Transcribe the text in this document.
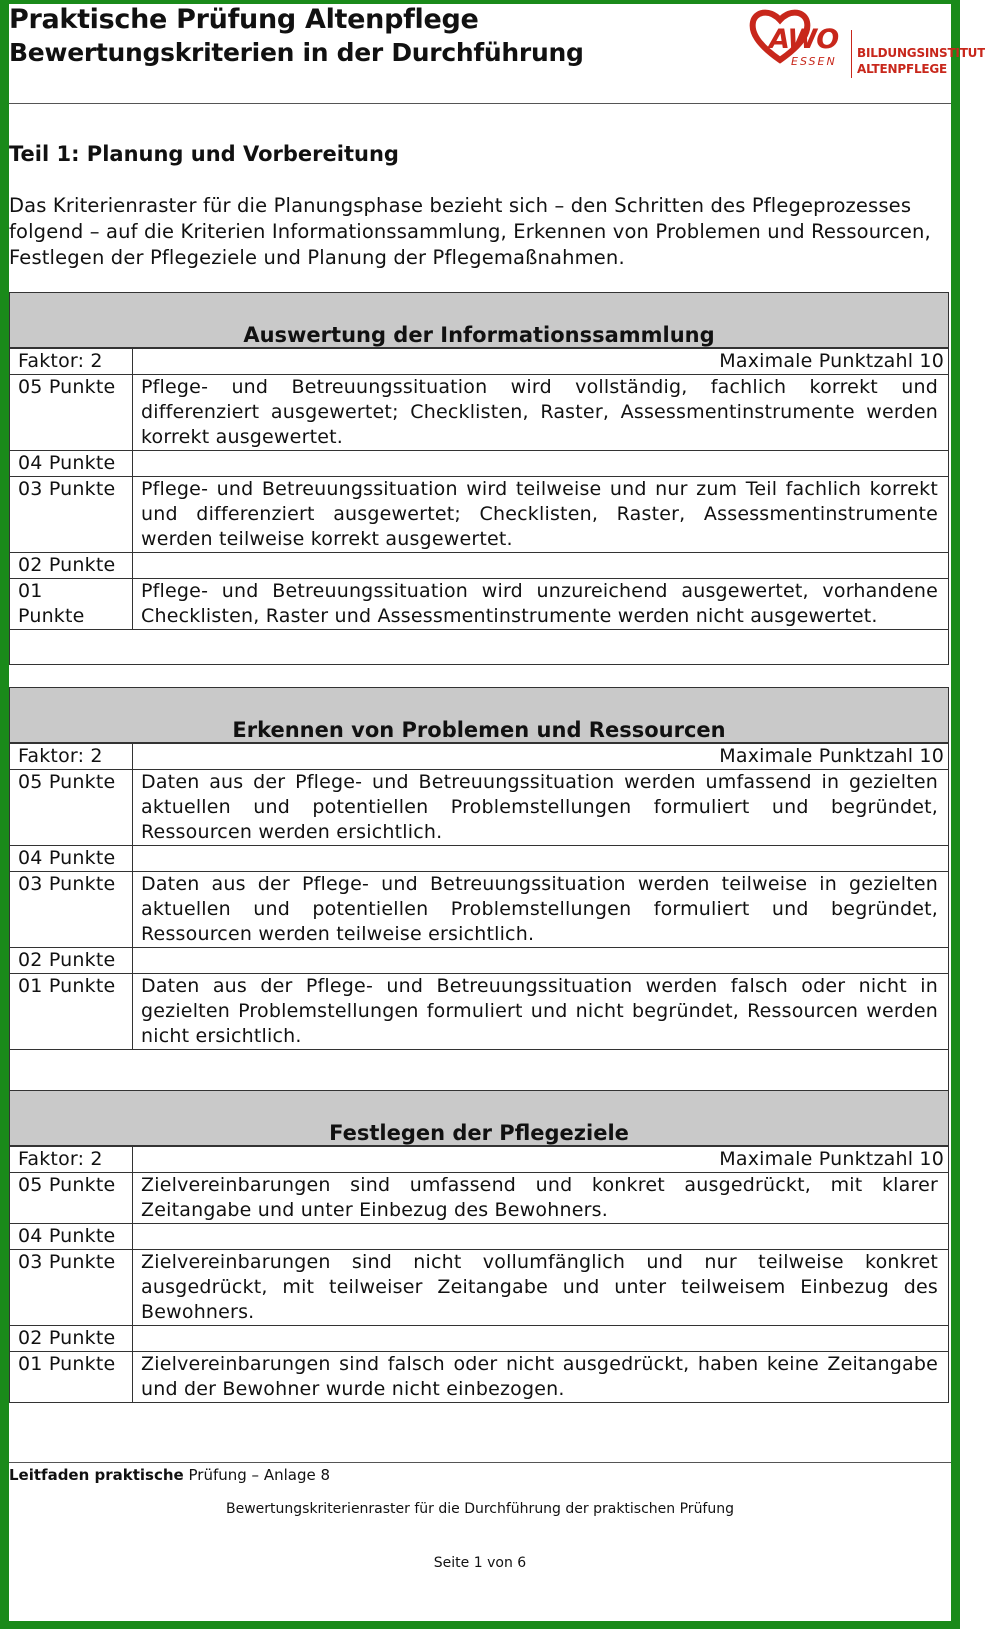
Praktische Prüfung Altenpflege
Bewertungskriterien in der Durchführung	AWO
ESSEN
BILDUNGSINSTITUT
ALTENPFLEGE
Teil 1: Planung und Vorbereitung

Das Kriterienraster für die Planungsphase bezieht sich – den Schritten des Pflegeprozesses folgend – auf die Kriterien Informationssammlung, Erkennen von Problemen und Ressourcen, Festlegen der Pflegeziele und Planung der Pflegemaßnahmen.

Auswertung der Informationssammlung
Faktor: 2	Maximale Punktzahl 10
05 Punkte	Pflege- und Betreuungssituation wird vollständig, fachlich korrekt und differenziert ausgewertet; Checklisten, Raster, Assessmentinstrumente werden korrekt ausgewertet.
04 Punkte	
03 Punkte	Pflege- und Betreuungssituation wird teilweise und nur zum Teil fachlich korrekt und differenziert ausgewertet; Checklisten, Raster, Assessmentinstrumente werden teilweise korrekt ausgewertet.
02 Punkte	
01 Punkte	Pflege- und Betreuungssituation wird unzureichend ausgewertet, vorhandene Checklisten, Raster und Assessmentinstrumente werden nicht ausgewertet.
Erkennen von Problemen und Ressourcen
Faktor: 2	Maximale Punktzahl 10
05 Punkte	Daten aus der Pflege- und Betreuungssituation werden umfassend in gezielten aktuellen und potentiellen Problemstellungen formuliert und begründet, Ressourcen werden ersichtlich.
04 Punkte	
03 Punkte	Daten aus der Pflege- und Betreuungssituation werden teilweise in gezielten aktuellen und potentiellen Problemstellungen formuliert und begründet, Ressourcen werden teilweise ersichtlich.
02 Punkte	
01 Punkte	Daten aus der Pflege- und Betreuungssituation werden falsch oder nicht in gezielten Problemstellungen formuliert und nicht begründet, Ressourcen werden nicht ersichtlich.
Festlegen der Pflegeziele
Faktor: 2	Maximale Punktzahl 10
05 Punkte	Zielvereinbarungen sind umfassend und konkret ausgedrückt, mit klarer Zeitangabe und unter Einbezug des Bewohners.
04 Punkte	
03 Punkte	Zielvereinbarungen sind nicht vollumfänglich und nur teilweise konkret ausgedrückt, mit teilweiser Zeitangabe und unter teilweisem Einbezug des Bewohners.
02 Punkte	
01 Punkte	Zielvereinbarungen sind falsch oder nicht ausgedrückt, haben keine Zeitangabe und der Bewohner wurde nicht einbezogen.
Leitfaden praktische Prüfung – Anlage 8
Bewertungskriterienraster für die Durchführung der praktischen Prüfung
Seite 1 von 6
